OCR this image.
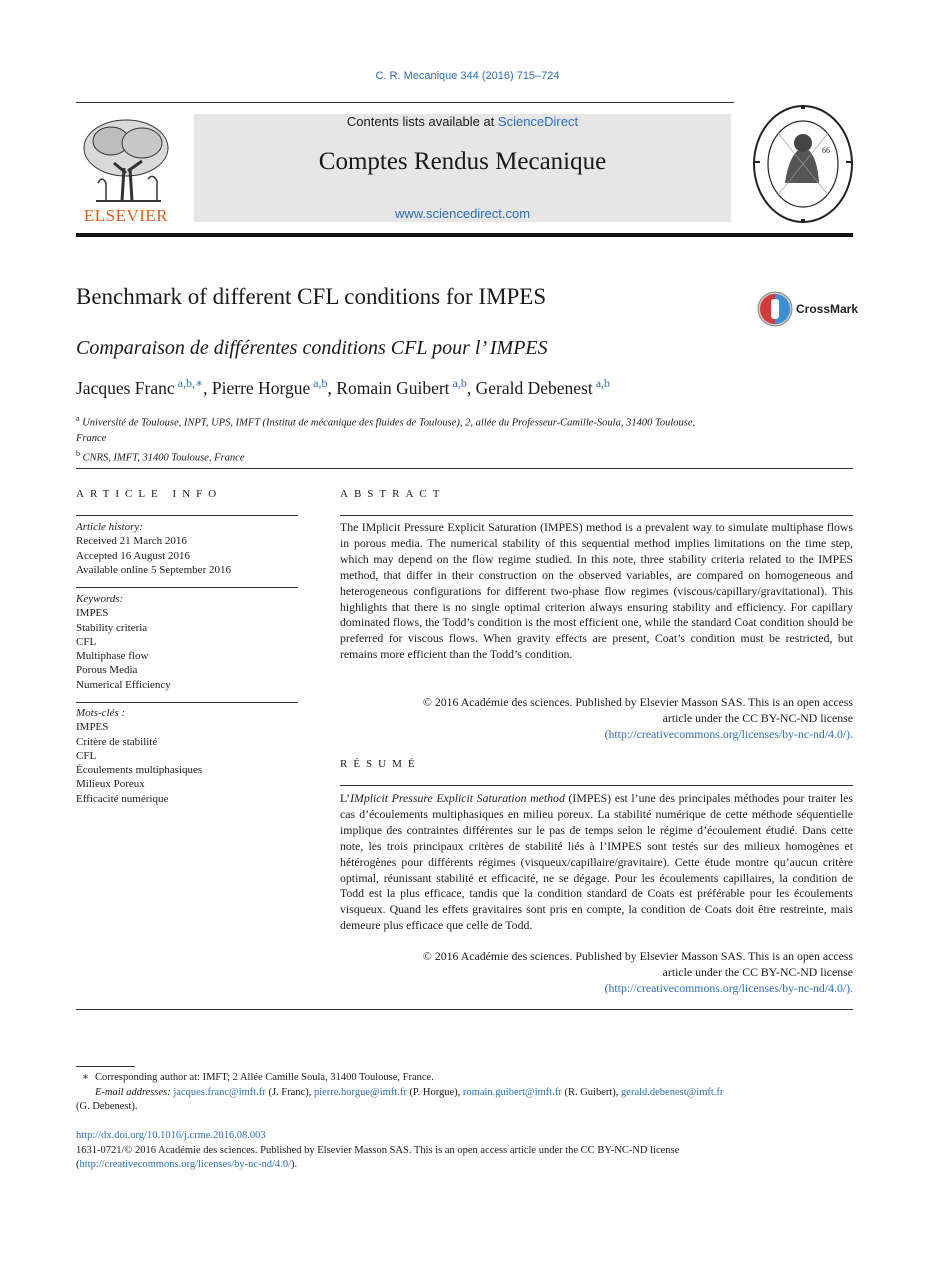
C. R. Mecanique 344 (2016) 715–724
ELSEVIER
Contents lists available at ScienceDirect
Comptes Rendus Mecanique
www.sciencedirect.com
66
Benchmark of different CFL conditions for IMPES	CrossMark
Comparaison de différentes conditions CFL pour l’ IMPES
Jacques Franc $^{a,b,∗}$, Pierre Horgue $^{a,b}$, Romain Guibert $^{a,b}$, Gerald Debenest $^{a,b}$
$^a$ Université de Toulouse, INPT, UPS, IMFT (Institut de mécanique des fluides de Toulouse), 2, allée du Professeur-Camille-Soula, 31400 Toulouse, France
$^b$ CNRS, IMFT, 31400 Toulouse, France
ARTICLE INFO
Article history:
Received 21 March 2016
Accepted 16 August 2016
Available online 5 September 2016
Keywords:
IMPES
Stability criteria
CFL
Multiphase flow
Porous Media
Numerical Efficiency
Mots-clés :
IMPES
Critère de stabilité
CFL
Écoulements multiphasiques
Milieux Poreux
Efficacité numérique
ABSTRACT
The IMplicit Pressure Explicit Saturation (IMPES) method is a prevalent way to simulate multiphase flows in porous media. The numerical stability of this sequential method implies limitations on the time step, which may depend on the flow regime studied. In this note, three stability criteria related to the IMPES method, that differ in their construction on the observed variables, are compared on homogeneous and heterogeneous configurations for different two-phase flow regimes (viscous/capillary/gravitational). This highlights that there is no single optimal criterion always ensuring stability and efficiency. For capillary dominated flows, the Todd’s condition is the most efficient one, while the standard Coat condition should be preferred for viscous flows. When gravity effects are present, Coat’s condition must be restricted, but remains more efficient than the Todd’s condition.
© 2016 Académie des sciences. Published by Elsevier Masson SAS. This is an open access
article under the CC BY-NC-ND license
(http://creativecommons.org/licenses/by-nc-nd/4.0/).
RÉSUMÉ
L’IMplicit Pressure Explicit Saturation method (IMPES) est l’une des principales méthodes pour traiter les cas d’écoulements multiphasiques en milieu poreux. La stabilité numérique de cette méthode séquentielle implique des contraintes différentes sur le pas de temps selon le régime d’écoulement étudié. Dans cette note, les trois principaux critères de stabilité liés à l’IMPES sont testés sur des milieux homogènes et hétérogènes pour différents régimes (visqueux/capillaire/gravitaire). Cette étude montre qu’aucun critère optimal, réunissant stabilité et efficacité, ne se dégage. Pour les écoulements capillaires, la condition de Todd est la plus efficace, tandis que la condition standard de Coats est préférable pour les écoulements visqueux. Quand les effets gravitaires sont pris en compte, la condition de Coats doit être restreinte, mais demeure plus efficace que celle de Todd.
© 2016 Académie des sciences. Published by Elsevier Masson SAS. This is an open access
article under the CC BY-NC-ND license
(http://creativecommons.org/licenses/by-nc-nd/4.0/).
∗ Corresponding author at: IMFT; 2 Allée Camille Soula, 31400 Toulouse, France.
E-mail addresses: jacques.franc@imft.fr (J. Franc), pierre.horgue@imft.fr (P. Horgue), romain.guibert@imft.fr (R. Guibert), gerald.debenest@imft.fr
(G. Debenest).
http://dx.doi.org/10.1016/j.crme.2016.08.003
1631-0721/© 2016 Académie des sciences. Published by Elsevier Masson SAS. This is an open access article under the CC BY-NC-ND license
(http://creativecommons.org/licenses/by-nc-nd/4.0/).
